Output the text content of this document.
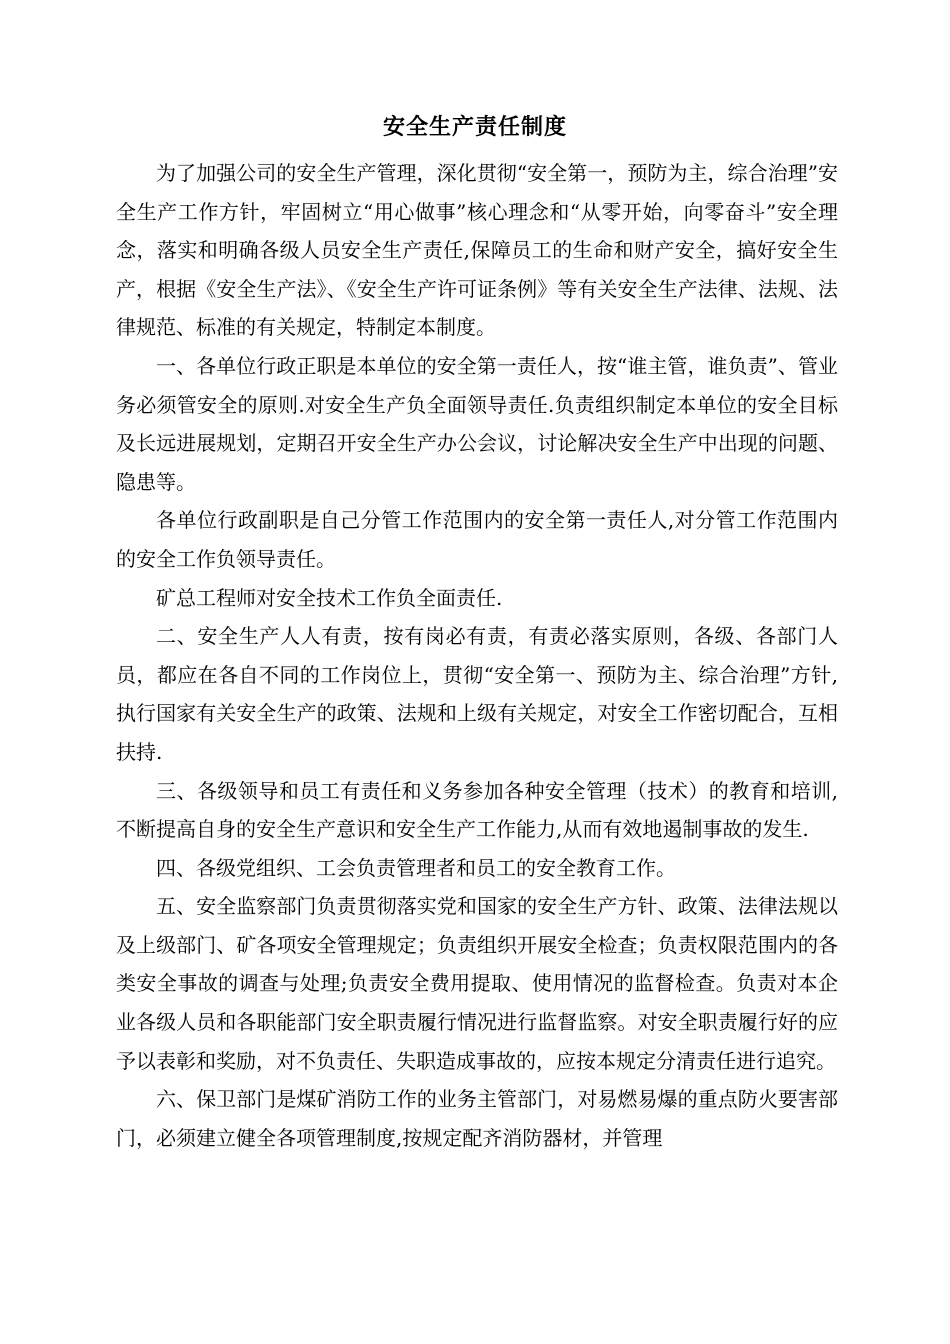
安全生产责任制度

为了加强公司的安全生产管理，深化贯彻“安全第一，预防为主，综合治理”安全生产工作方针，牢固树立“用心做事”核心理念和“从零开始，向零奋斗”安全理念，落实和明确各级人员安全生产责任,保障员工的生命和财产安全，搞好安全生产，根据《安全生产法》、《安全生产许可证条例》等有关安全生产法律、法规、法律规范、标准的有关规定，特制定本制度。

一、各单位行政正职是本单位的安全第一责任人，按“谁主管，谁负责”、管业务必须管安全的原则.对安全生产负全面领导责任.负责组织制定本单位的安全目标及长远进展规划，定期召开安全生产办公会议，讨论解决安全生产中出现的问题、隐患等。

各单位行政副职是自己分管工作范围内的安全第一责任人,对分管工作范围内的安全工作负领导责任。

矿总工程师对安全技术工作负全面责任.

二、安全生产人人有责，按有岗必有责，有责必落实原则，各级、各部门人员，都应在各自不同的工作岗位上，贯彻“安全第一、预防为主、综合治理”方针,执行国家有关安全生产的政策、法规和上级有关规定，对安全工作密切配合，互相扶持.

三、各级领导和员工有责任和义务参加各种安全管理（技术）的教育和培训,不断提高自身的安全生产意识和安全生产工作能力,从而有效地遏制事故的发生.

四、各级党组织、工会负责管理者和员工的安全教育工作。

五、安全监察部门负责贯彻落实党和国家的安全生产方针、政策、法律法规以及上级部门、矿各项安全管理规定；负责组织开展安全检查；负责权限范围内的各类安全事故的调查与处理;负责安全费用提取、使用情况的监督检查。负责对本企业各级人员和各职能部门安全职责履行情况进行监督监察。对安全职责履行好的应予以表彰和奖励，对不负责任、失职造成事故的，应按本规定分清责任进行追究。

六、保卫部门是煤矿消防工作的业务主管部门，对易燃易爆的重点防火要害部门，必须建立健全各项管理制度,按规定配齐消防器材，并管理
